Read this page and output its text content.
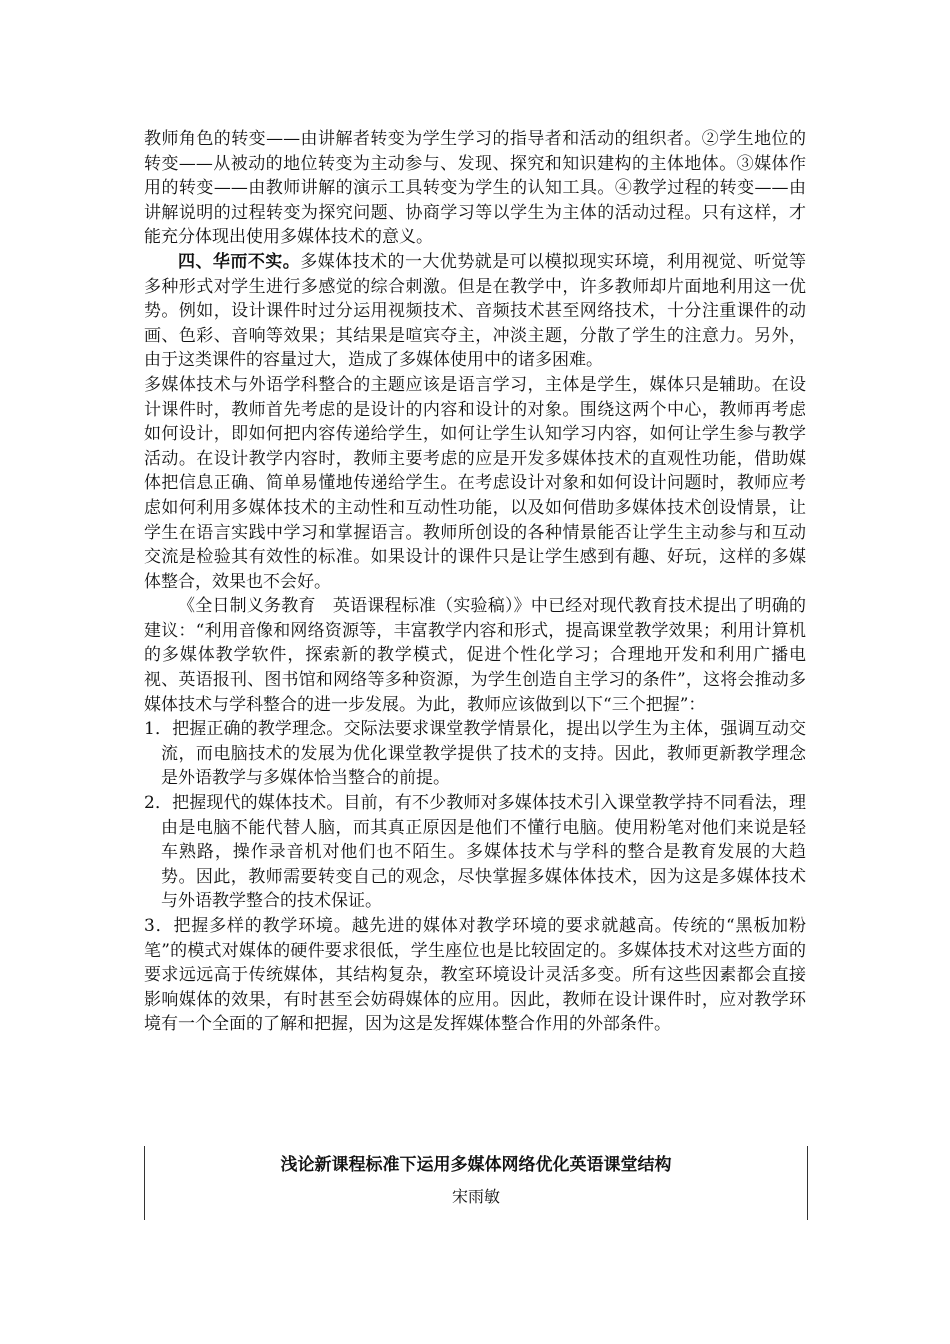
教师角色的转变——由讲解者转变为学生学习的指导者和活动的组织者。②学生地位的转变——从被动的地位转变为主动参与、发现、探究和知识建构的主体地体。③媒体作用的转变——由教师讲解的演示工具转变为学生的认知工具。④教学过程的转变——由讲解说明的过程转变为探究问题、协商学习等以学生为主体的活动过程。只有这样，才能充分体现出使用多媒体技术的意义。

四、华而不实。多媒体技术的一大优势就是可以模拟现实环境，利用视觉、听觉等多种形式对学生进行多感觉的综合刺激。但是在教学中，许多教师却片面地利用这一优势。例如，设计课件时过分运用视频技术、音频技术甚至网络技术，十分注重课件的动画、色彩、音响等效果；其结果是喧宾夺主，冲淡主题，分散了学生的注意力。另外，由于这类课件的容量过大，造成了多媒体使用中的诸多困难。

多媒体技术与外语学科整合的主题应该是语言学习，主体是学生，媒体只是辅助。在设计课件时，教师首先考虑的是设计的内容和设计的对象。围绕这两个中心，教师再考虑如何设计，即如何把内容传递给学生，如何让学生认知学习内容，如何让学生参与教学活动。在设计教学内容时，教师主要考虑的应是开发多媒体技术的直观性功能，借助媒体把信息正确、简单易懂地传递给学生。在考虑设计对象和如何设计问题时，教师应考虑如何利用多媒体技术的主动性和互动性功能，以及如何借助多媒体技术创设情景，让学生在语言实践中学习和掌握语言。教师所创设的各种情景能否让学生主动参与和互动交流是检验其有效性的标准。如果设计的课件只是让学生感到有趣、好玩，这样的多媒体整合，效果也不会好。

《全日制义务教育　英语课程标准（实验稿）》中已经对现代教育技术提出了明确的建议：“利用音像和网络资源等，丰富教学内容和形式，提高课堂教学效果；利用计算机的多媒体教学软件，探索新的教学模式，促进个性化学习；合理地开发和利用广播电视、英语报刊、图书馆和网络等多种资源，为学生创造自主学习的条件”，这将会推动多媒体技术与学科整合的进一步发展。为此，教师应该做到以下“三个把握”：

1．把握正确的教学理念。交际法要求课堂教学情景化，提出以学生为主体，强调互动交流，而电脑技术的发展为优化课堂教学提供了技术的支持。因此，教师更新教学理念是外语教学与多媒体恰当整合的前提。

2．把握现代的媒体技术。目前，有不少教师对多媒体技术引入课堂教学持不同看法，理由是电脑不能代替人脑，而其真正原因是他们不懂行电脑。使用粉笔对他们来说是轻车熟路，操作录音机对他们也不陌生。多媒体技术与学科的整合是教育发展的大趋势。因此，教师需要转变自己的观念，尽快掌握多媒体体技术，因为这是多媒体技术与外语教学整合的技术保证。

3．把握多样的教学环境。越先进的媒体对教学环境的要求就越高。传统的“黑板加粉笔”的模式对媒体的硬件要求很低，学生座位也是比较固定的。多媒体技术对这些方面的要求远远高于传统媒体，其结构复杂，教室环境设计灵活多变。所有这些因素都会直接影响媒体的效果，有时甚至会妨碍媒体的应用。因此，教师在设计课件时，应对教学环境有一个全面的了解和把握，因为这是发挥媒体整合作用的外部条件。

浅论新课程标准下运用多媒体网络优化英语课堂结构
宋雨敏
